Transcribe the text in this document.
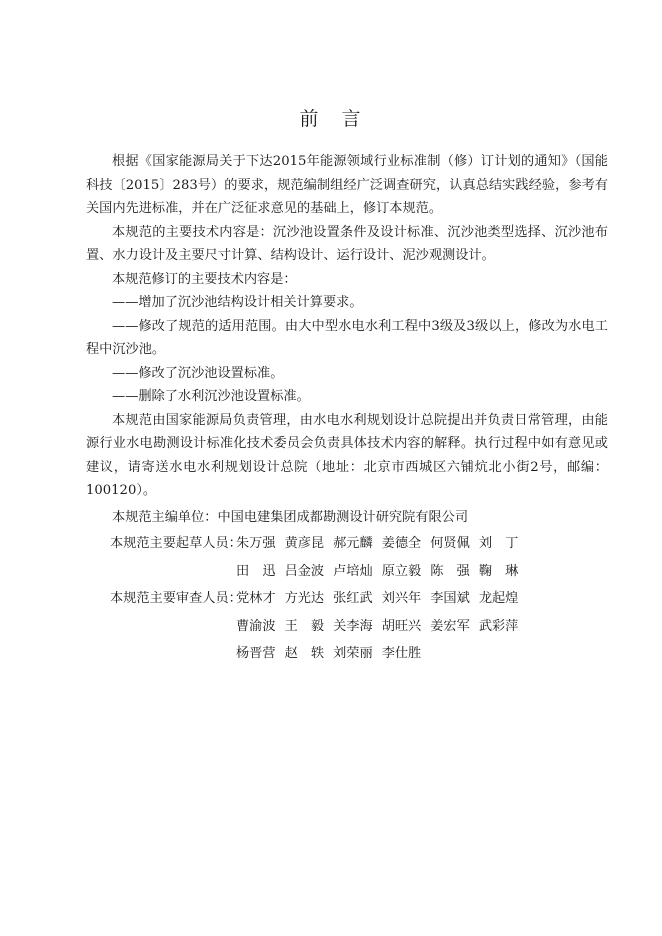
前　言

根据《国家能源局关于下达2015年能源领域行业标准制（修）订计划的通知》（国能科技〔2015〕283号）的要求，规范编制组经广泛调查研究，认真总结实践经验，参考有关国内先进标准，并在广泛征求意见的基础上，修订本规范。

本规范的主要技术内容是：沉沙池设置条件及设计标准、沉沙池类型选择、沉沙池布置、水力设计及主要尺寸计算、结构设计、运行设计、泥沙观测设计。

本规范修订的主要技术内容是：

——增加了沉沙池结构设计相关计算要求。

——修改了规范的适用范围。由大中型水电水利工程中3级及3级以上，修改为水电工程中沉沙池。

——修改了沉沙池设置标准。

——删除了水利沉沙池设置标准。

本规范由国家能源局负责管理，由水电水利规划设计总院提出并负责日常管理，由能源行业水电勘测设计标准化技术委员会负责具体技术内容的解释。执行过程中如有意见或建议，请寄送水电水利规划设计总院（地址：北京市西城区六铺炕北小街2号，邮编：100120）。

本规范主编单位：中国电建集团成都勘测设计研究院有限公司

本规范主要起草人员：
朱万强 黄彦昆 郝元麟 姜德全 何贤佩 刘　丁
田　迅 吕金波 卢培灿 原立毅 陈　强 鞠　琳
本规范主要审查人员：
党林才 方光达 张红武 刘兴年 李国斌 龙起煌
曹渝波 王　毅 关李海 胡旺兴 姜宏军 武彩萍
杨晋营 赵　轶 刘荣丽 李仕胜
